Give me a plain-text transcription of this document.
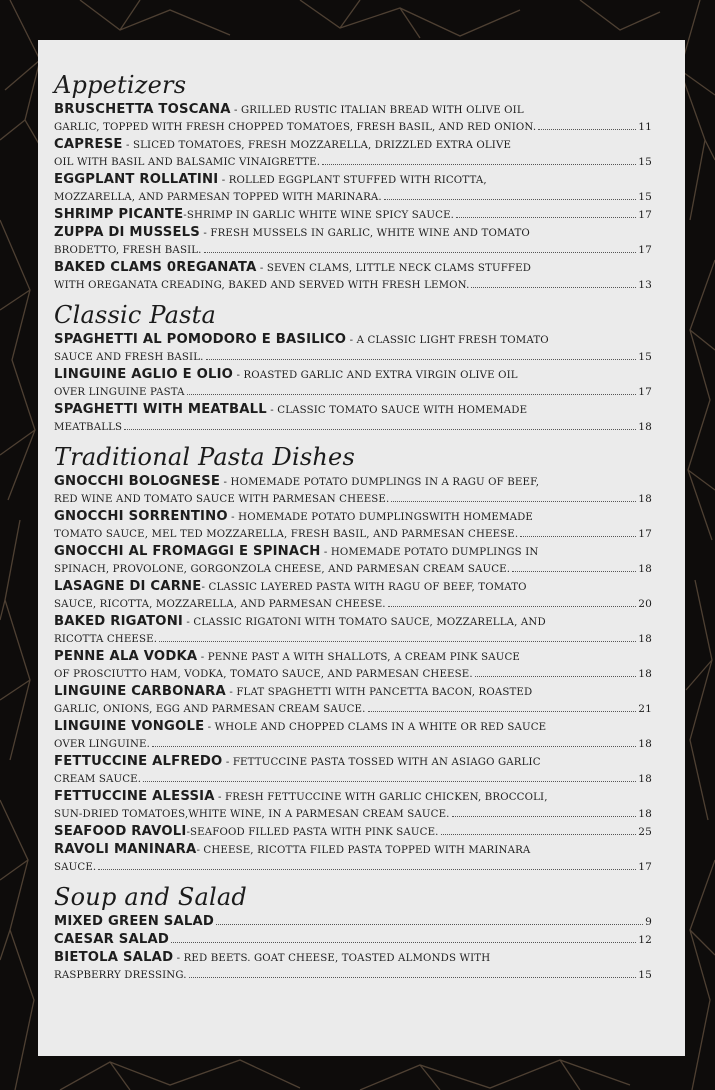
Appetizers
BRUSCHETTA TOSCANA - GRILLED RUSTIC ITALIAN BREAD WITH OLIVE OIL
GARLIC, TOPPED WITH FRESH CHOPPED TOMATOES, FRESH BASIL, AND RED ONION.	11
CAPRESE - SLICED TOMATOES, FRESH MOZZARELLA, DRIZZLED EXTRA OLIVE
OIL WITH BASIL AND BALSAMIC VINAIGRETTE.	15
EGGPLANT ROLLATINI - ROLLED EGGPLANT STUFFED WITH RICOTTA,
MOZZARELLA, AND PARMESAN TOPPED WITH MARINARA.	15
SHRIMP PICANTE - SHRIMP IN GARLIC WHITE WINE SPICY SAUCE.	17
ZUPPA DI MUSSELS - FRESH MUSSELS IN GARLIC, WHITE WINE AND TOMATO
BRODETTO, FRESH BASIL.	17
BAKED CLAMS 0REGANATA - SEVEN CLAMS, LITTLE NECK CLAMS STUFFED
WITH OREGANATA CREADING, BAKED AND SERVED WITH FRESH LEMON.	13
Classic Pasta
SPAGHETTI AL POMODORO E BASILICO - A CLASSIC LIGHT FRESH TOMATO
SAUCE AND FRESH BASIL.	15
LINGUINE AGLIO E OLIO - ROASTED GARLIC AND EXTRA VIRGIN OLIVE OIL
OVER LINGUINE PASTA	17
SPAGHETTI WITH MEATBALL - CLASSIC TOMATO SAUCE WITH HOMEMADE
MEATBALLS	18
Traditional Pasta Dishes
GNOCCHI BOLOGNESE - HOMEMADE POTATO DUMPLINGS IN A RAGU OF BEEF,
RED WINE AND TOMATO SAUCE WITH PARMESAN CHEESE.	18
GNOCCHI SORRENTINO - HOMEMADE POTATO DUMPLINGSWITH HOMEMADE
TOMATO SAUCE, MEL TED MOZZARELLA, FRESH BASIL, AND PARMESAN CHEESE.	17
GNOCCHI AL FROMAGGI E SPINACH - HOMEMADE POTATO DUMPLINGS IN
SPINACH, PROVOLONE, GORGONZOLA CHEESE, AND PARMESAN CREAM SAUCE.	18
LASAGNE DI CARNE- CLASSIC LAYERED PASTA WITH RAGU OF BEEF, TOMATO
SAUCE, RICOTTA, MOZZARELLA, AND PARMESAN CHEESE.	20
BAKED RIGATONI - CLASSIC RIGATONI WITH TOMATO SAUCE, MOZZARELLA, AND
RICOTTA CHEESE.	18
PENNE ALA VODKA - PENNE PAST A WITH SHALLOTS, A CREAM PINK SAUCE
OF PROSCIUTTO HAM, VODKA, TOMATO SAUCE, AND PARMESAN CHEESE.	18
LINGUINE CARBONARA - FLAT SPAGHETTI WITH PANCETTA BACON, ROASTED
GARLIC, ONIONS, EGG AND PARMESAN CREAM SAUCE.	21
LINGUINE VONGOLE - WHOLE AND CHOPPED CLAMS IN A WHITE OR RED SAUCE
OVER LINGUINE.	18
FETTUCCINE ALFREDO - FETTUCCINE PASTA TOSSED WITH AN ASIAGO GARLIC
CREAM SAUCE.	18
FETTUCCINE ALESSIA - FRESH FETTUCCINE WITH GARLIC CHICKEN, BROCCOLI,
SUN-DRIED TOMATOES,WHITE WINE, IN A PARMESAN CREAM SAUCE.	18
SEAFOOD RAVOLI - SEAFOOD FILLED PASTA WITH PINK SAUCE.	25
RAVOLI MANINARA- CHEESE, RICOTTA FILED PASTA TOPPED WITH MARINARA
SAUCE.	17
Soup and Salad
MIXED GREEN SALAD	9
CAESAR SALAD	12
BIETOLA SALAD - RED BEETS. GOAT CHEESE, TOASTED ALMONDS WITH
RASPBERRY DRESSING.	15
